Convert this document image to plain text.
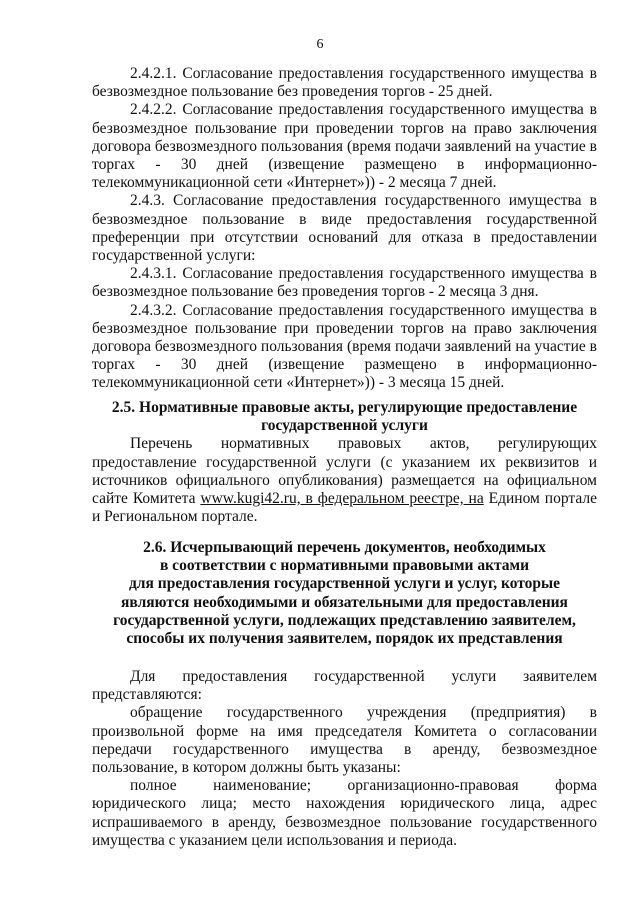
6

2.4.2.1. Согласование предоставления государственного имущества в безвозмездное пользование без проведения торгов - 25 дней.

2.4.2.2. Согласование предоставления государственного имущества в безвозмездное пользование при проведении торгов на право заключения договора безвозмездного пользования (время подачи заявлений на участие в торгах - 30 дней (извещение размещено в информационно-телекоммуникационной сети «Интернет»)) - 2 месяца 7 дней.

2.4.3. Согласование предоставления государственного имущества в безвозмездное пользование в виде предоставления государственной преференции при отсутствии оснований для отказа в предоставлении государственной услуги:

2.4.3.1. Согласование предоставления государственного имущества в безвозмездное пользование без проведения торгов - 2 месяца 3 дня.

2.4.3.2. Согласование предоставления государственного имущества в безвозмездное пользование при проведении торгов на право заключения договора безвозмездного пользования (время подачи заявлений на участие в торгах - 30 дней (извещение размещено в информационно-телекоммуникационной сети «Интернет»)) - 3 месяца 15 дней.

2.5. Нормативные правовые акты, регулирующие предоставление

государственной услуги

Перечень нормативных правовых актов, регулирующих предоставление государственной услуги (с указанием их реквизитов и источников официального опубликования) размещается на официальном сайте Комитета www.kugi42.ru, в федеральном реестре, на Едином портале и Региональном портале.

2.6. Исчерпывающий перечень документов, необходимых

в соответствии с нормативными правовыми актами

для предоставления государственной услуги и услуг, которые

являются необходимыми и обязательными для предоставления

государственной услуги, подлежащих представлению заявителем,

способы их получения заявителем, порядок их представления

Для предоставления государственной услуги заявителем представляются:

обращение государственного учреждения (предприятия) в произвольной форме на имя председателя Комитета о согласовании передачи государственного имущества в аренду, безвозмездное пользование, в котором должны быть указаны:

полное наименование; организационно-правовая форма юридического лица; место нахождения юридического лица, адрес испрашиваемого в аренду, безвозмездное пользование государственного имущества с указанием цели использования и периода.
